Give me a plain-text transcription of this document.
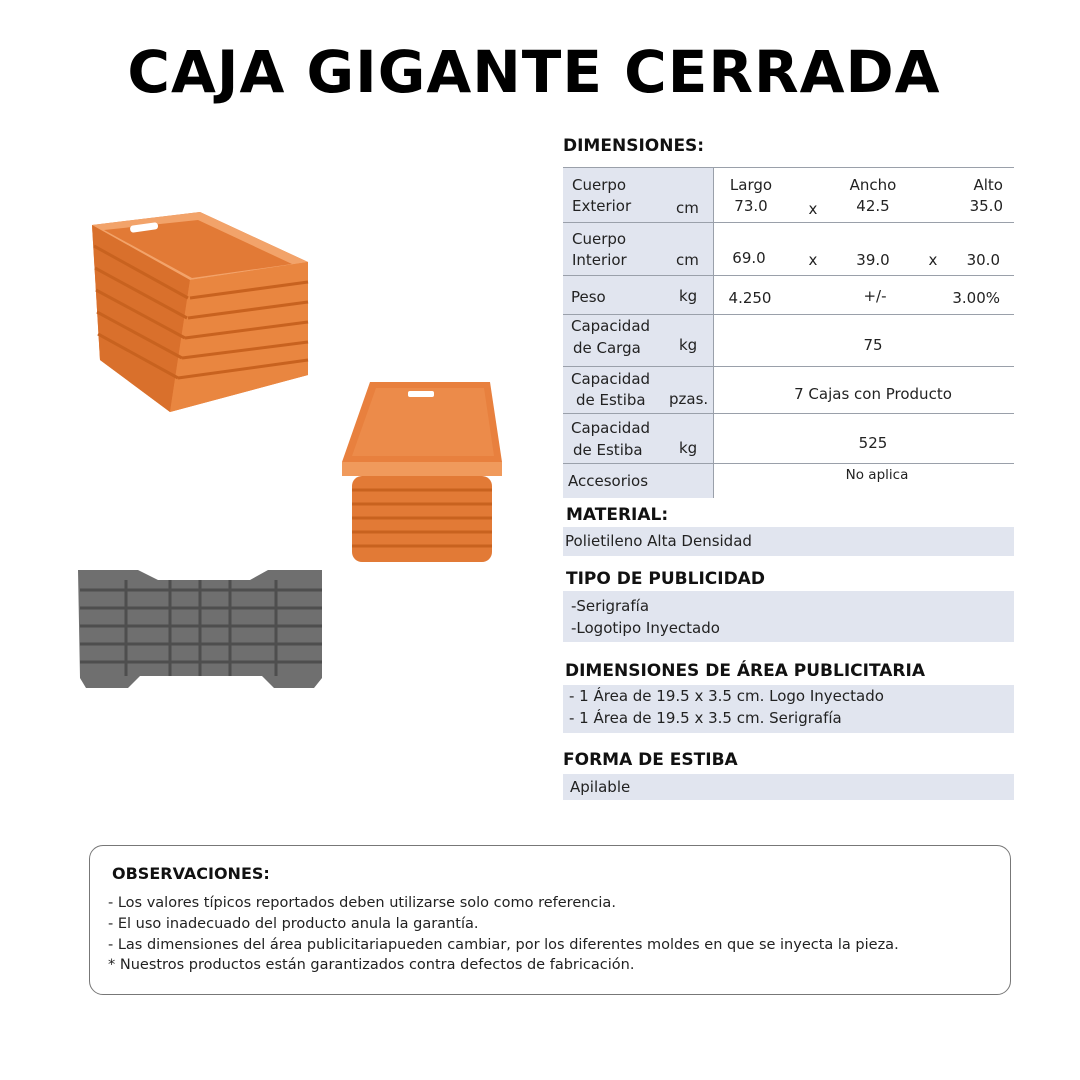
CAJA GIGANTE CERRADA
DIMENSIONES:
Cuerpo
Exterior	cm
Largo	Ancho	Alto
73.0	x	42.5	35.0
Cuerpo
Interior	cm 69.0	x	39.0	x 30.0
Peso	kg 4.250	+/-	3.00%
Capacidad
de Carga	kg	75
Capacidad
de Estiba pzas.	7 Cajas con Producto
Capacidad
de Estiba kg	525
Accesorios	No aplica
MATERIAL:
Polietileno Alta Densidad
TIPO DE PUBLICIDAD
-Serigrafía
-Logotipo Inyectado
DIMENSIONES DE ÁREA PUBLICITARIA
- 1 Área de 19.5 x 3.5 cm. Logo Inyectado
- 1 Área de 19.5 x 3.5 cm. Serigrafía
FORMA DE ESTIBA
Apilable
OBSERVACIONES:
- Los valores típicos reportados deben utilizarse solo como referencia.
- El uso inadecuado del producto anula la garantía.
- Las dimensiones del área publicitariapueden cambiar, por los diferentes moldes en que se inyecta la pieza.
* Nuestros productos están garantizados contra defectos de fabricación.
